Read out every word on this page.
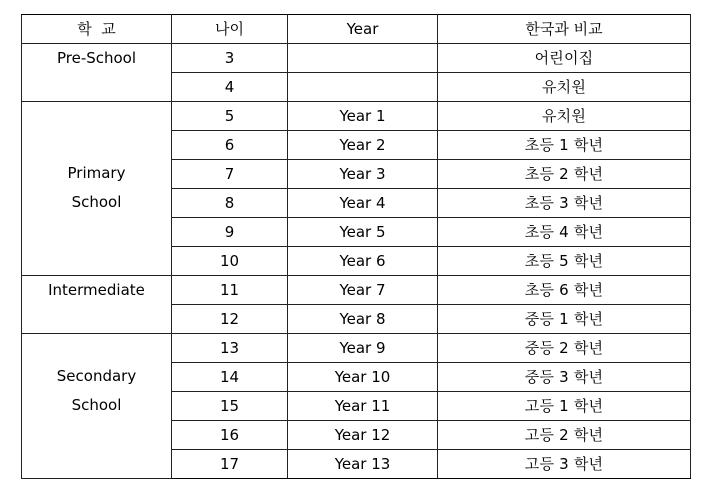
학  교	나이	Year	한국과 비교

Pre-School	3		어린이집
	4		유치원

Primary
School	5	Year 1	유치원
	6	Year 2	초등 1 학년
	7	Year 3	초등 2 학년
	8	Year 4	초등 3 학년
	9	Year 5	초등 4 학년
	10	Year 6	초등 5 학년

Intermediate	11	Year 7	초등 6 학년
	12	Year 8	중등 1 학년

Secondary
School	13	Year 9	중등 2 학년
	14	Year 10	중등 3 학년
	15	Year 11	고등 1 학년
	16	Year 12	고등 2 학년
	17	Year 13	고등 3 학년
